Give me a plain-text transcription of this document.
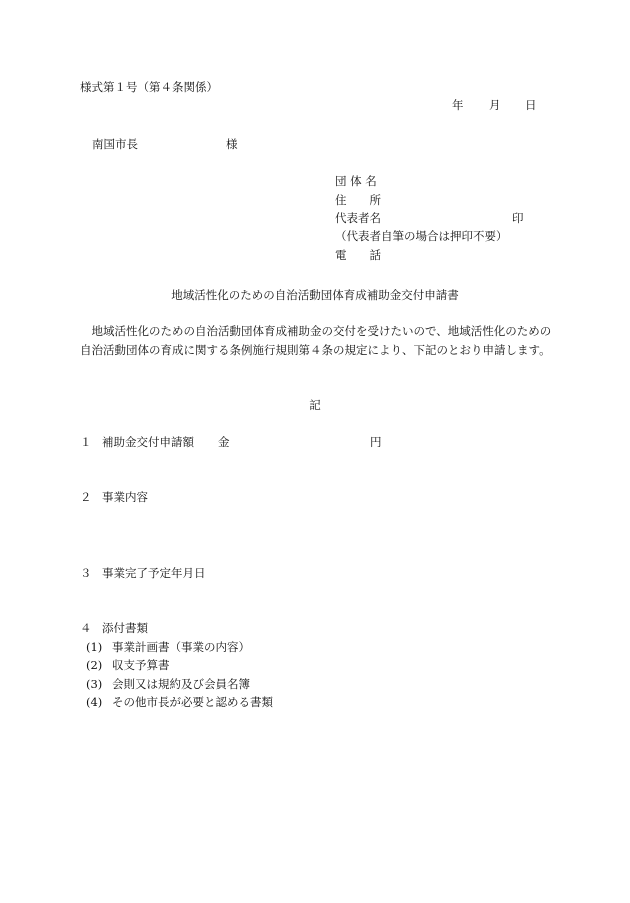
様式第１号（第４条関係）
年 月 日
南国市長	様
団 体 名
住　　所
代表者名	印
（代表者自筆の場合は押印不要）
電　　話
地域活性化のための自治活動団体育成補助金交付申請書
地域活性化のための自治活動団体育成補助金の交付を受けたいので、地域活性化のための自治活動団体の育成に関する条例施行規則第４条の規定により、下記のとおり申請します。
記
１ 補助金交付申請額 金	円
２ 事業内容
３ 事業完了予定年月日
４ 添付書類
(1) 事業計画書（事業の内容）
(2) 収支予算書
(3) 会則又は規約及び会員名簿
(4) その他市長が必要と認める書類
